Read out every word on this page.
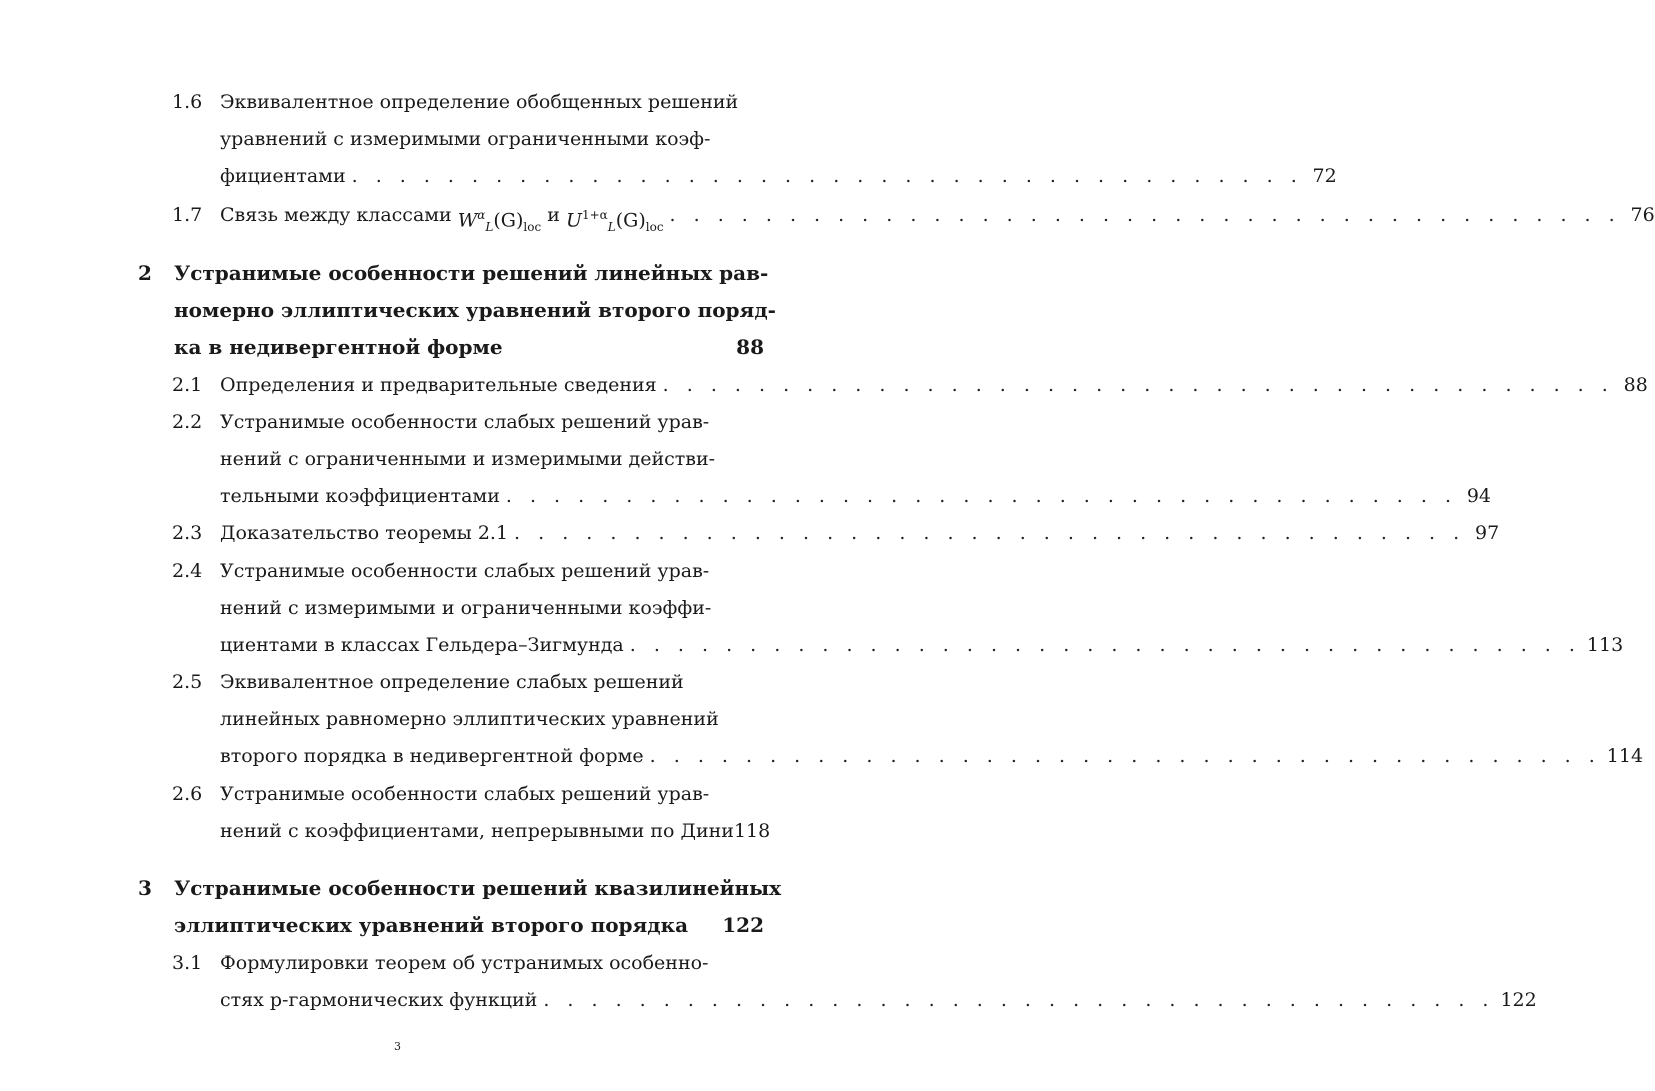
1.6 Эквивалентное определение обобщенных решений
уравнений с измеримыми ограниченными коэф-
фициентами . . . . . . . . . . . . . . . . . . . . . . . . . . . . . . . . . . . . . . . . 72
1.7 Связь между классами
$W^\alpha_L(G)_{loc}$

и
$U^{1+\alpha}_L(G)_{loc}$
. . . . . . . . . . . . . . . . . . . . . . . . . . . . . . . . . . . . . . . . 76
2 Устранимые особенности решений линейных рав-
номерно эллиптических уравнений второго поряд-
ка в недивергентной форме	88
2.1 Определения и предварительные сведения . . . . . . . . . . . . . . . . . . . . . . . . . . . . . . . . . . . . . . . . 88
2.2 Устранимые особенности слабых решений урав-
нений с ограниченными и измеримыми действи-
тельными коэффициентами . . . . . . . . . . . . . . . . . . . . . . . . . . . . . . . . . . . . . . . . 94
2.3 Доказательство теоремы 2.1 . . . . . . . . . . . . . . . . . . . . . . . . . . . . . . . . . . . . . . . . 97
2.4 Устранимые особенности слабых решений урав-
нений с измеримыми и ограниченными коэффи-
циентами в классах Гельдера–Зигмунда . . . . . . . . . . . . . . . . . . . . . . . . . . . . . . . . . . . . . . . . 113
2.5 Эквивалентное определение слабых решений
линейных равномерно эллиптических уравнений
второго порядка в недивергентной форме . . . . . . . . . . . . . . . . . . . . . . . . . . . . . . . . . . . . . . . . 114
2.6 Устранимые особенности слабых решений урав-
нений с коэффициентами, непрерывными по Дини 118
3 Устранимые особенности решений квазилинейных
эллиптических уравнений второго порядка 122
3.1 Формулировки теорем об устранимых особенно-
стях p-гармонических функций . . . . . . . . . . . . . . . . . . . . . . . . . . . . . . . . . . . . . . . . 122
3
